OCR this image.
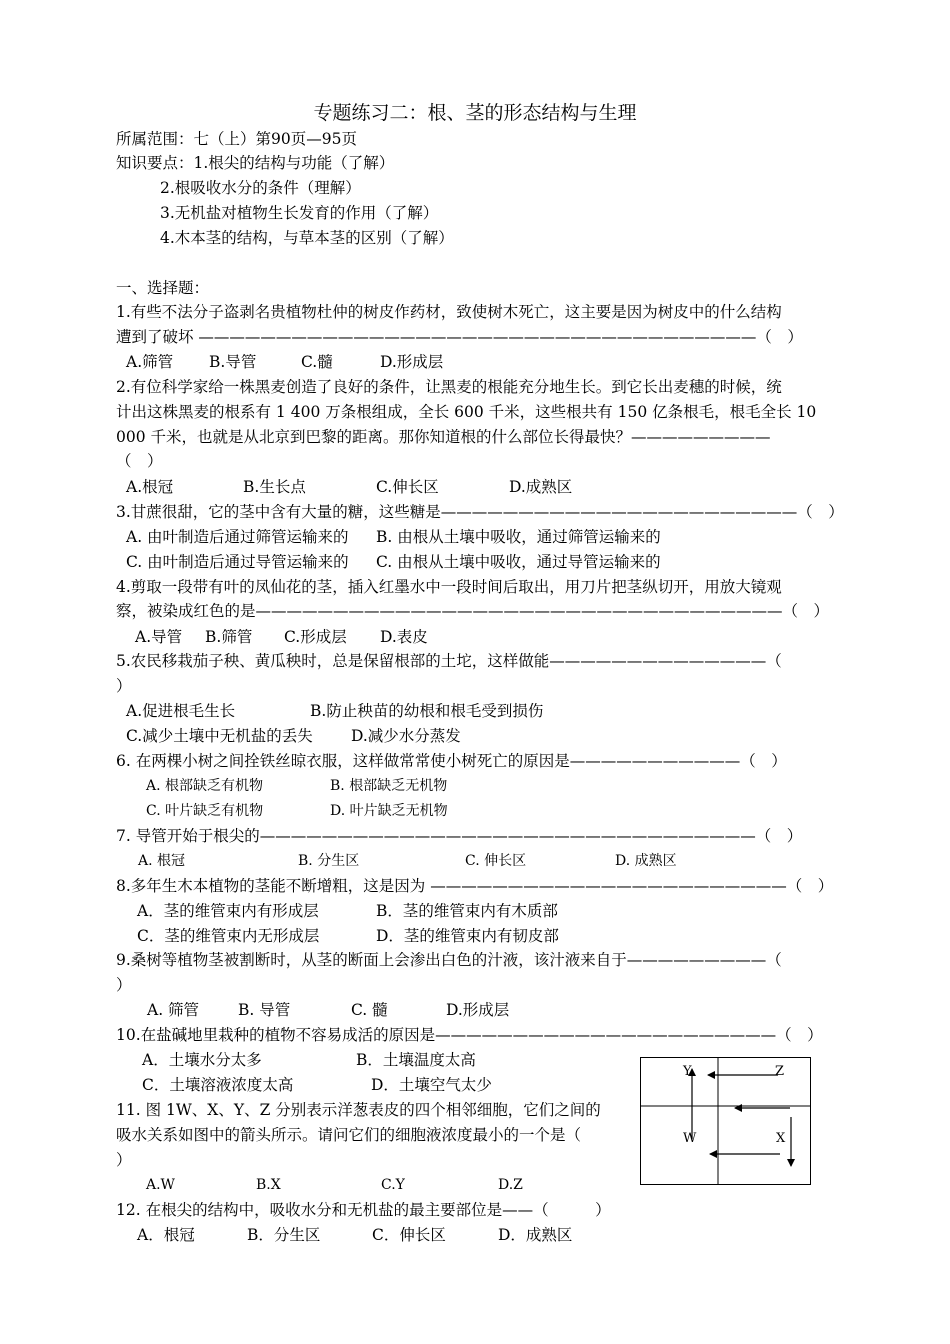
专题练习二：根、茎的形态结构与生理
所属范围：七（上）第90页—95页
知识要点：1.根尖的结构与功能（了解）
2.根吸收水分的条件（理解）
3.无机盐对植物生长发育的作用（了解）
4.木本茎的结构，与草本茎的区别（了解）
一、选择题：
1.有些不法分子盗剥名贵植物杜仲的树皮作药材，致使树木死亡，这主要是因为树皮中的什么结构
遭到了破坏 ————————————————————————————————————（　）
A.筛管 B.导管	C.髓	D.形成层
2.有位科学家给一株黑麦创造了良好的条件，让黑麦的根能充分地生长。到它长出麦穗的时候，统
计出这株黑麦的根系有 1 400 万条根组成，全长 600 千米，这些根共有 150 亿条根毛，根毛全长 10
000 千米，也就是从北京到巴黎的距离。那你知道根的什么部位长得最快？—————————
（　）
A.根冠	B.生长点	C.伸长区	D.成熟区
3.甘蔗很甜，它的茎中含有大量的糖，这些糖是———————————————————————（　）
A. 由叶制造后通过筛管运输来的 B. 由根从土壤中吸收，通过筛管运输来的
C. 由叶制造后通过导管运输来的 C. 由根从土壤中吸收，通过导管运输来的
4.剪取一段带有叶的凤仙花的茎，插入红墨水中一段时间后取出，用刀片把茎纵切开，用放大镜观
察，被染成红色的是——————————————————————————————————（　）
A.导管 B.筛管 C.形成层 D.表皮
5.农民移栽茄子秧、黄瓜秧时，总是保留根部的土坨，这样做能——————————————（
）
A.促进根毛生长	B.防止秧苗的幼根和根毛受到损伤
C.减少土壤中无机盐的丢失 D.减少水分蒸发
6. 在两棵小树之间拴铁丝晾衣服，这样做常常使小树死亡的原因是———————————（　）
A. 根部缺乏有机物	B. 根部缺乏无机物
C. 叶片缺乏有机物	D. 叶片缺乏无机物
7. 导管开始于根尖的————————————————————————————————（　）
A. 根冠	B. 分生区	C. 伸长区	D. 成熟区
8.多年生木本植物的茎能不断增粗，这是因为 ———————————————————————（　）
A．茎的维管束内有形成层	B．茎的维管束内有木质部
C．茎的维管束内无形成层	D．茎的维管束内有韧皮部
9.桑树等植物茎被割断时，从茎的断面上会渗出白色的汁液，该汁液来自于—————————（
）
A. 筛管	B. 导管	C. 髓	D.形成层
10.在盐碱地里栽种的植物不容易成活的原因是——————————————————————（　）
A．土壤水分太多	B．土壤温度太高
C．土壤溶液浓度太高	D．土壤空气太少
11. 图 1W、X、Y、Z 分别表示洋葱表皮的四个相邻细胞，它们之间的
吸水关系如图中的箭头所示。请问它们的细胞液浓度最小的一个是（
）
A.W	B.X	C.Y	D.Z
12. 在根尖的结构中，吸收水分和无机盐的最主要部位是——（　　　）
A．根冠	B．分生区	C．伸长区	D．成熟区
Y	Z
W	X
